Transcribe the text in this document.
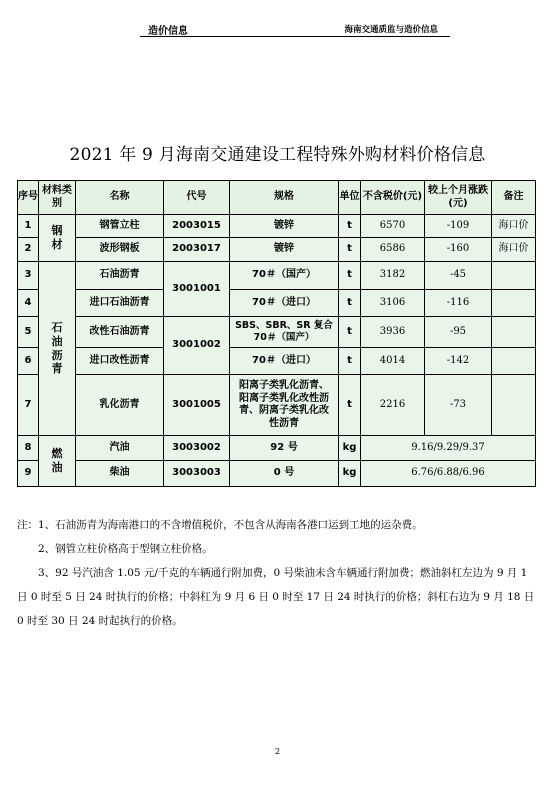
造价信息	海南交通质监与造价信息
2021 年 9 月海南交通建设工程特殊外购材料价格信息
序号	材料类别	名称	代号	规格	单位	不含税价(元)	较上个月涨跌(元)	备注
1	钢材	钢管立柱	2003015	镀锌	t	6570	-109	海口价
2		波形钢板	2003017	镀锌	t	6586	-160	海口价
3	石油沥青	石油沥青	3001001	70＃（国产）	t	3182	-45	
4		进口石油沥青		70＃（进口）	t	3106	-116	
5		改性石油沥青	3001002	SBS、SBR、SR 复合 70＃（国产）	t	3936	-95	
6		进口改性沥青		70＃（进口）	t	4014	-142	
7		乳化沥青	3001005	阳离子类乳化沥青、阳离子类乳化改性沥青、阴离子类乳化改性沥青	t	2216	-73	
8	燃油	汽油	3003002	92 号	kg	9.16/9.29/9.37		
9		柴油	3003003	0 号	kg	6.76/6.88/6.96		

注：1、石油沥青为海南港口的不含增值税价，不包含从海南各港口运到工地的运杂费。

2、钢管立柱价格高于型钢立柱价格。

3、92 号汽油含 1.05 元/千克的车辆通行附加费，0 号柴油未含车辆通行附加费；燃油斜杠左边为 9 月 1 日 0 时至 5 日 24 时执行的价格；中斜杠为 9 月 6 日 0 时至 17 日 24 时执行的价格；斜杠右边为 9 月 18 日 0 时至 30 日 24 时起执行的价格。

2
